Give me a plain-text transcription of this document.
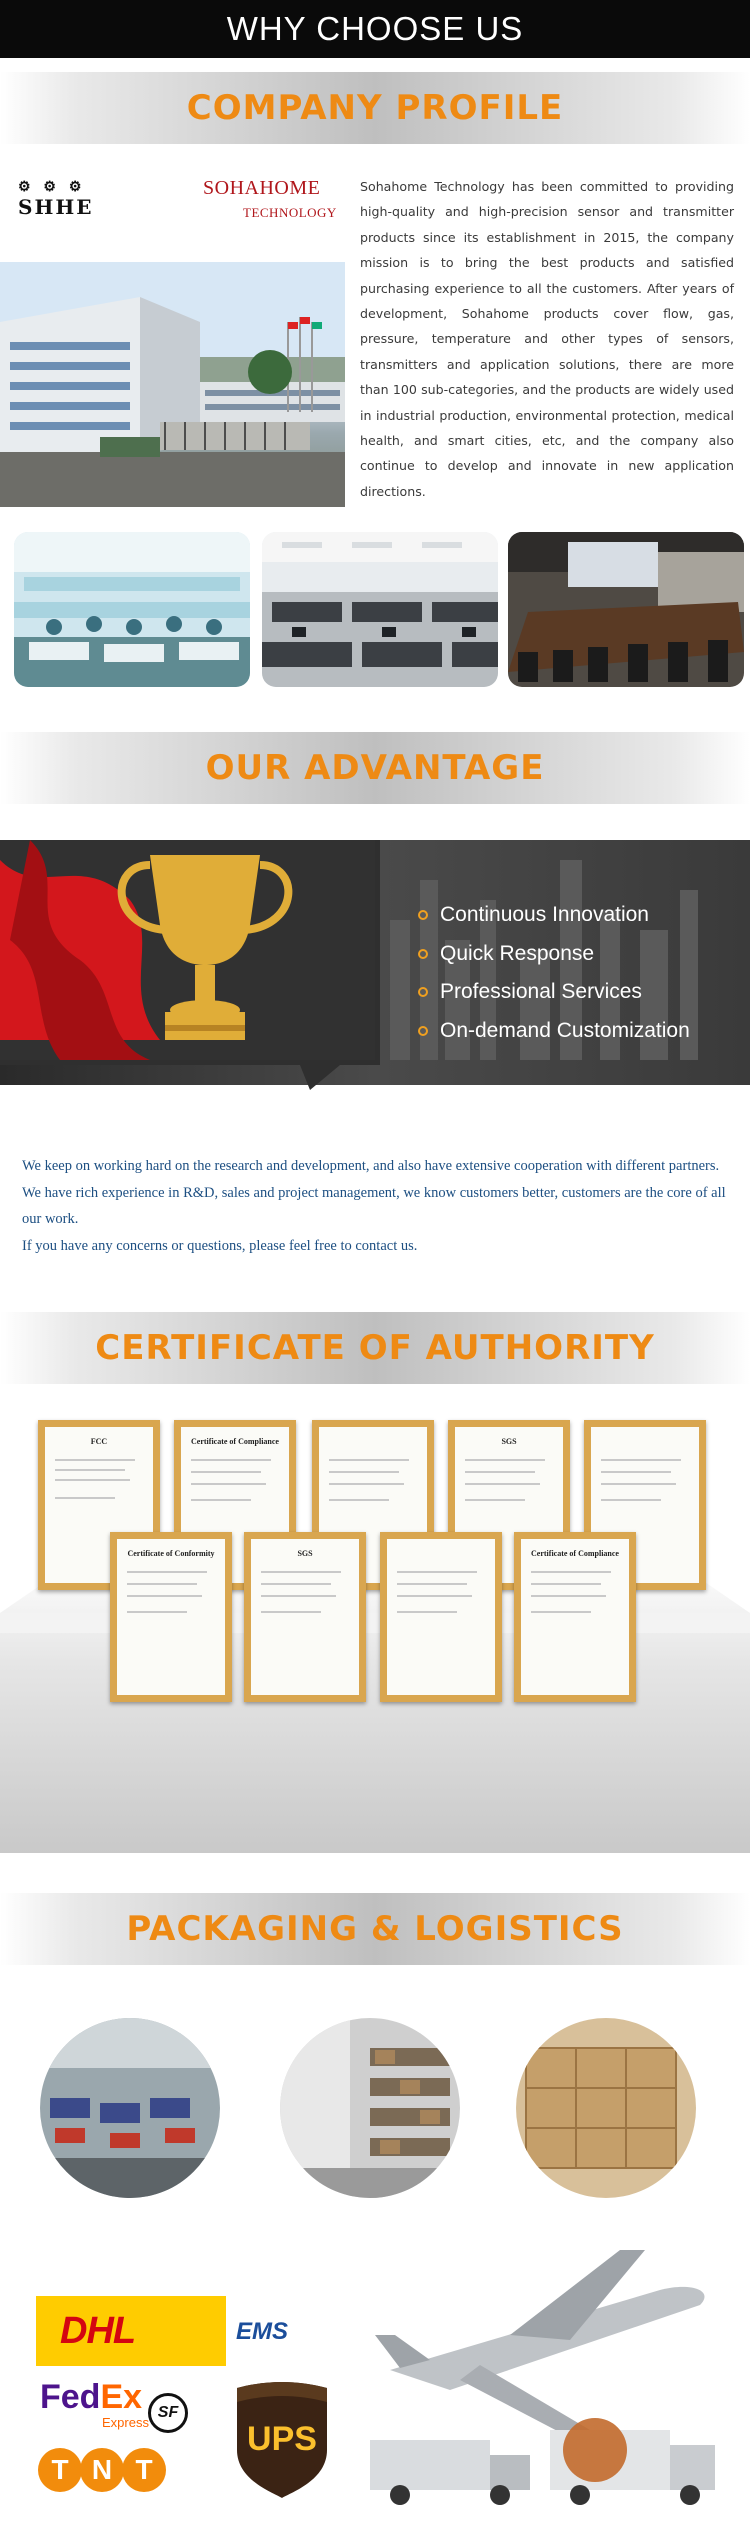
WHY CHOOSE US
COMPANY PROFILE
⚙ ⚙ ⚙
SHHE
SOHAHOME
TECHNOLOGY
Sohahome Technology has been committed to providing high-quality and high-precision sensor and transmitter products since its establishment in 2015, the company mission is to bring the best products and satisfied purchasing experience to all the customers. After years of development, Sohahome products cover flow, gas, pressure, temperature and other types of sensors, transmitters and application solutions, there are more than 100 sub-categories, and the products are widely used in industrial production, environmental protection, medical health, and smart cities, etc, and the company also continue to develop and innovate in new application directions.
OUR ADVANTAGE
Continuous Innovation
Quick Response
Professional Services
On-demand Customization

We keep on working hard on the research and development, and also have extensive cooperation with different partners.

We have rich experience in R&D, sales and project management, we know customers better, customers are the core of all our work.

If you have any concerns or questions, please feel free to contact us.

CERTIFICATE OF AUTHORITY
FCC	Certificate of Compliance	SGS
Certificate of Conformity	SGS	Certificate of Compliance
PACKAGING & LOGISTICS
DHL	EMS
FedEx
Express
SF
T N T
UPS
